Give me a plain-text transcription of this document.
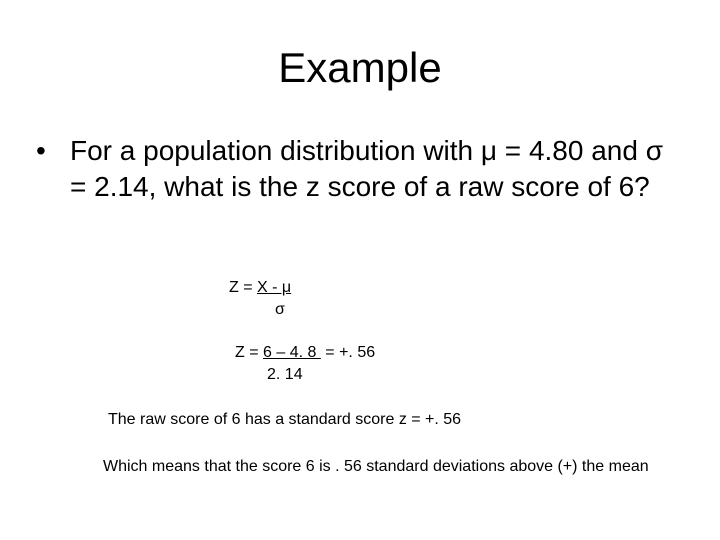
Example
• For a population distribution with μ = 4.80 and σ = 2.14, what is the z score of a raw score of 6?
Z = X - μ
σ
Z = 6 – 4. 8  = +. 56
2. 14
The raw score of 6 has a standard score z = +. 56
Which means that the score 6 is . 56 standard deviations above (+) the mean
